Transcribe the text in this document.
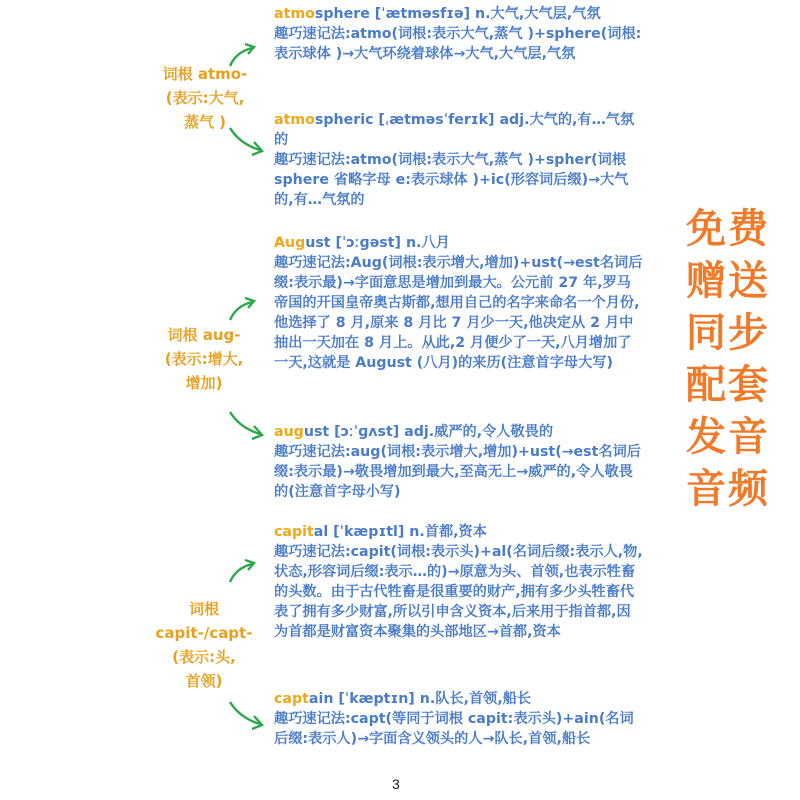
词根 atmo-
(表示:大气,
蒸气 )

atmosphere [ˈætməsfɪə] n.大气,大气层,气氛

趣巧速记法:atmo(词根:表示大气,蒸气 )+sphere(词根:表示球体 )→大气环绕着球体→大气,大气层,气氛

atmospheric [ˌætməsˈferɪk] adj.大气的,有…气氛的

趣巧速记法:atmo(词根:表示大气,蒸气 )+spher(词根 sphere 省略字母 e:表示球体 )+ic(形容词后缀)→大气的,有…气氛的

词根 aug-
(表示:增大,
增加)

August [ˈɔːɡəst] n.八月

趣巧速记法:Aug(词根:表示增大,增加)+ust(→est名词后缀:表示最)→字面意思是增加到最大。公元前 27 年,罗马帝国的开国皇帝奥古斯都,想用自己的名字来命名一个月份,他选择了 8 月,原来 8 月比 7 月少一天,他决定从 2 月中抽出一天加在 8 月上。从此,2 月便少了一天,八月增加了一天,这就是 August (八月)的来历(注意首字母大写)

august [ɔːˈɡʌst] adj.威严的,令人敬畏的

趣巧速记法:aug(词根:表示增大,增加)+ust(→est名词后缀:表示最)→敬畏增加到最大,至高无上→威严的,令人敬畏的(注意首字母小写)

词根
capit-/capt-
(表示:头,
首领)

capital [ˈkæpɪtl] n.首都,资本

趣巧速记法:capit(词根:表示头)+al(名词后缀:表示人,物,状态,形容词后缀:表示…的)→原意为头、首领,也表示牲畜的头数。由于古代牲畜是很重要的财产,拥有多少头牲畜代表了拥有多少财富,所以引申含义资本,后来用于指首都,因为首都是财富资本聚集的头部地区→首都,资本

captain [ˈkæptɪn] n.队长,首领,船长

趣巧速记法:capt(等同于词根 capit:表示头)+ain(名词后缀:表示人)→字面含义领头的人→队长,首领,船长

免费
赠送
同步
配套
发音
音频
3
